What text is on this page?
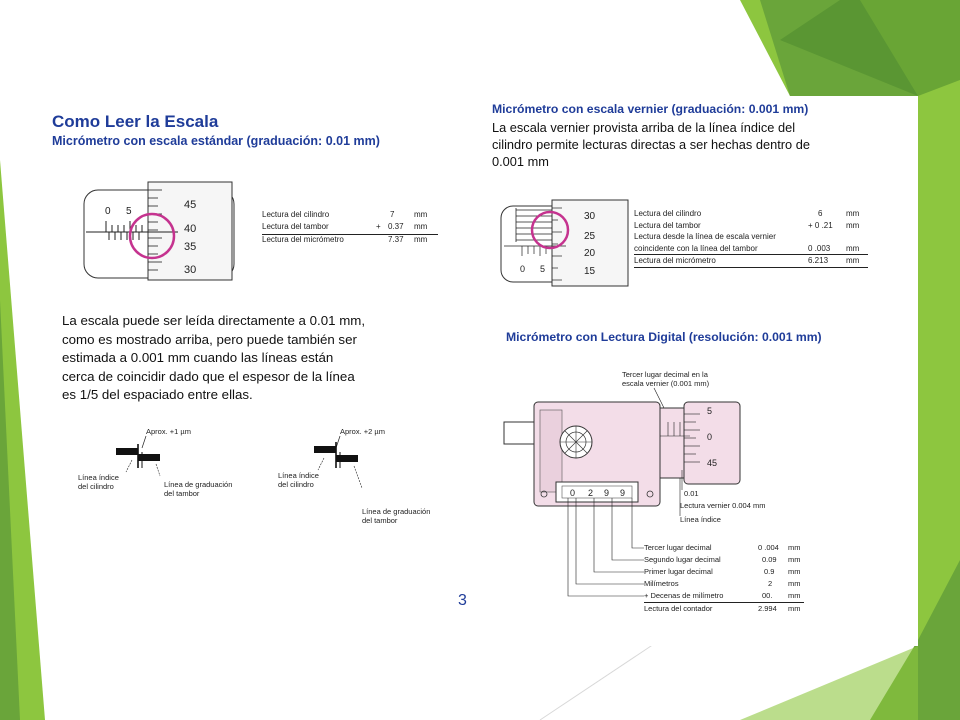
Como Leer la Escala
Micrómetro con escala estándar (graduación: 0.01 mm)
0 5
45
40
35
30
Lectura del cilindro	7 mm
Lectura del tambor	+ 0.37 mm
Lectura del micrómetro	7.37 mm
La escala puede ser leída directamente a 0.01 mm,
como es mostrado arriba, pero puede también ser
estimada a 0.001 mm cuando las líneas están
cerca de coincidir dado que el espesor de la línea
es 1/5 del espaciado entre ellas.
Aprox. +1 µm
Línea índice
del cilindro	Línea de graduación
del tambor
Aprox. +2 µm
Línea índice
del cilindro
Línea de graduación
del tambor
3
Micrómetro con escala vernier (graduación: 0.001 mm)
La escala vernier provista arriba de la línea índice del
cilindro permite lecturas directas a ser hechas dentro de
0.001 mm
30
25
20
15
0 5
Lectura del cilindro	6	mm
Lectura del tambor	+ 0 .21 mm
Lectura desde la línea de escala vernier
coincidente con la línea del tambor	0 .003 mm
Lectura del micrómetro	6.213 mm
Micrómetro con Lectura Digital (resolución: 0.001 mm)
Tercer lugar decimal en la
escala vernier (0.001 mm)
5
0
45
0 2 9 9	0.01
Lectura vernier 0.004 mm
Línea índice
Tercer lugar decimal	0 .004 mm
Segundo lugar decimal	0.09 mm
Primer lugar decimal	0.9 mm
Milímetros	2 mm
+ Decenas de milímetro	00. mm
Lectura del contador	2.994 mm
